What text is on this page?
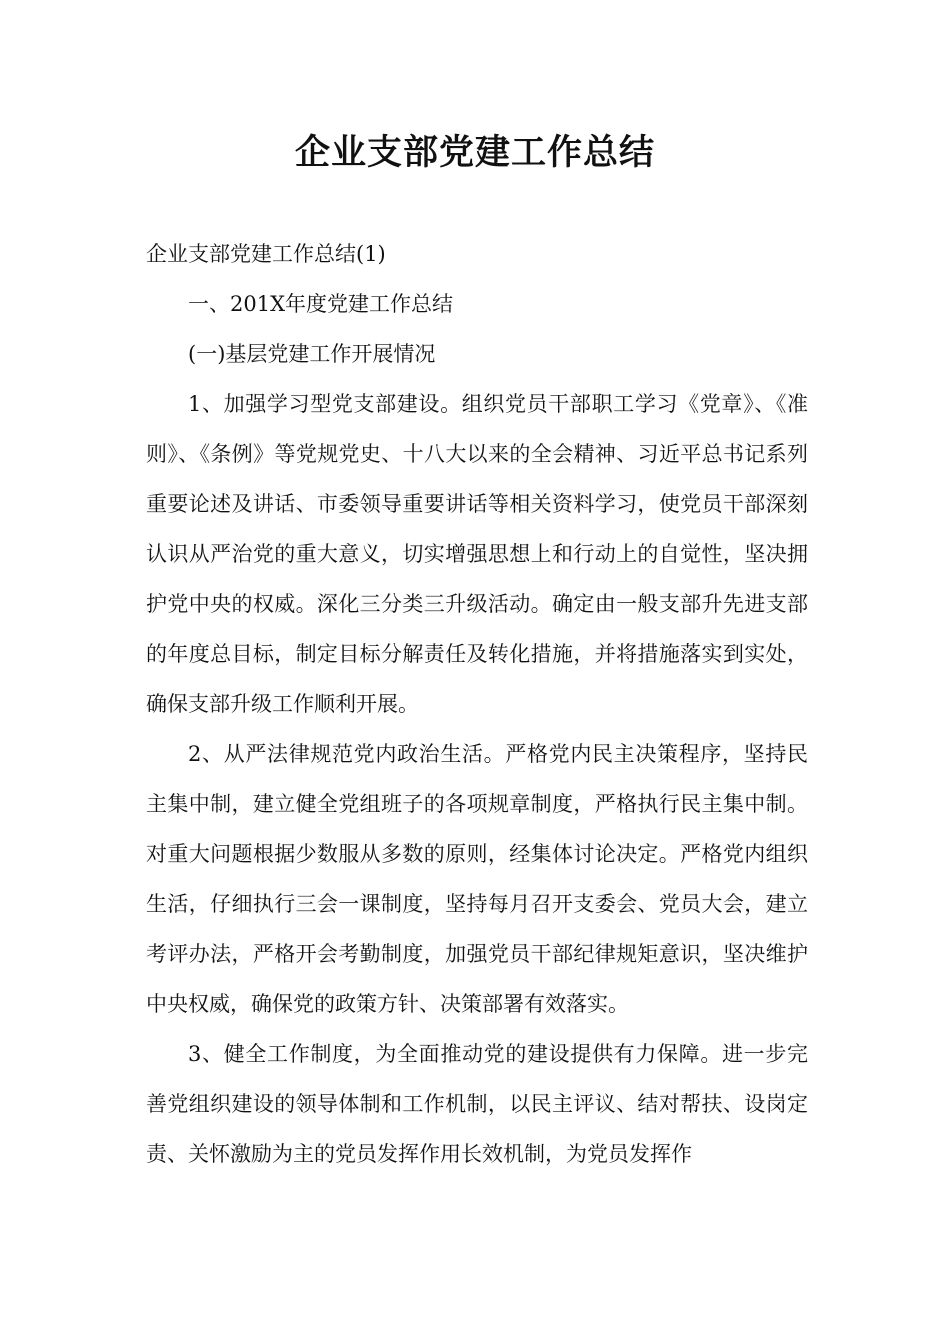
企业支部党建工作总结

企业支部党建工作总结(1)

一、201X年度党建工作总结

(一)基层党建工作开展情况

1、加强学习型党支部建设。组织党员干部职工学习《党章》、《准则》、《条例》等党规党史、十八大以来的全会精神、习近平总书记系列重要论述及讲话、市委领导重要讲话等相关资料学习，使党员干部深刻认识从严治党的重大意义，切实增强思想上和行动上的自觉性，坚决拥护党中央的权威。深化三分类三升级活动。确定由一般支部升先进支部的年度总目标，制定目标分解责任及转化措施，并将措施落实到实处，确保支部升级工作顺利开展。

2、从严法律规范党内政治生活。严格党内民主决策程序，坚持民主集中制，建立健全党组班子的各项规章制度，严格执行民主集中制。对重大问题根据少数服从多数的原则，经集体讨论决定。严格党内组织生活，仔细执行三会一课制度，坚持每月召开支委会、党员大会，建立考评办法，严格开会考勤制度，加强党员干部纪律规矩意识，坚决维护中央权威，确保党的政策方针、决策部署有效落实。

3、健全工作制度，为全面推动党的建设提供有力保障。进一步完善党组织建设的领导体制和工作机制，以民主评议、结对帮扶、设岗定责、关怀激励为主的党员发挥作用长效机制，为党员发挥作
